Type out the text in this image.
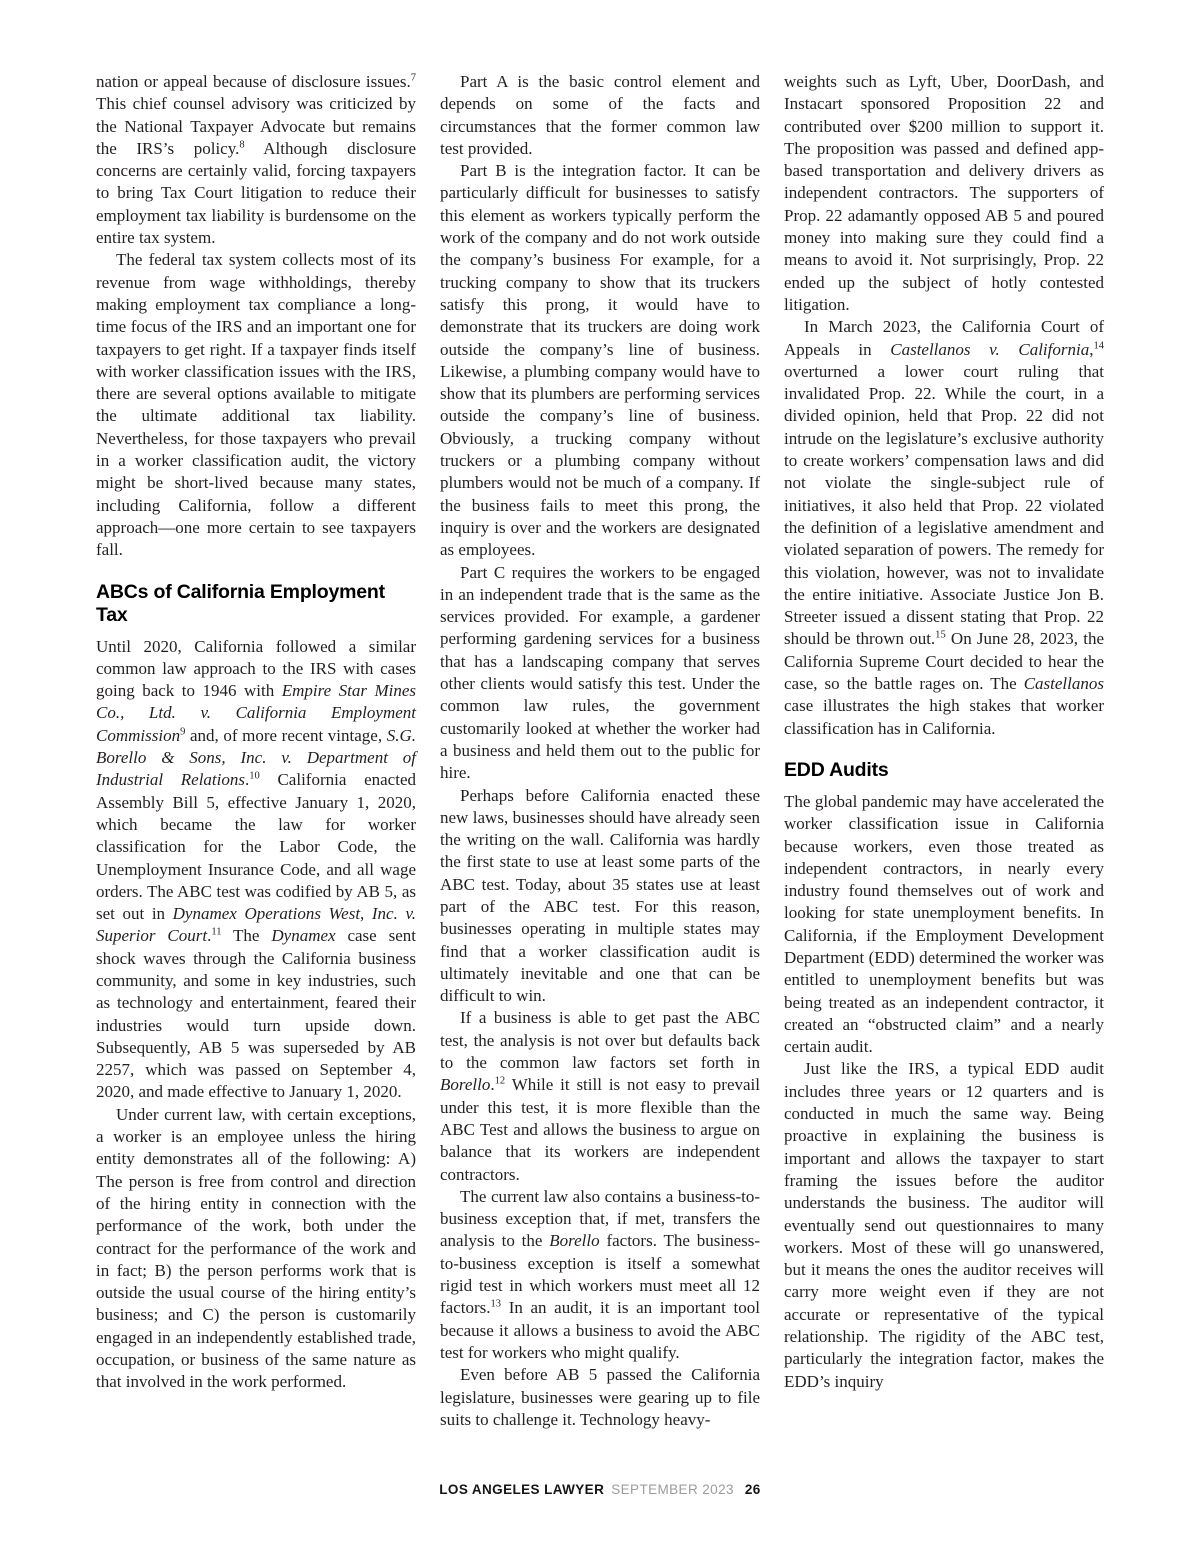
nation or appeal because of disclosure issues.$^7$ This chief counsel advisory was criticized by the National Taxpayer Advocate but remains the IRS’s policy.$^8$ Although disclosure concerns are certainly valid, forcing taxpayers to bring Tax Court litigation to reduce their employment tax liability is burdensome on the entire tax system.

The federal tax system collects most of its revenue from wage withholdings, thereby making employment tax compliance a long-time focus of the IRS and an important one for taxpayers to get right. If a taxpayer finds itself with worker classification issues with the IRS, there are several options available to mitigate the ultimate additional tax liability. Nevertheless, for those taxpayers who prevail in a worker classification audit, the victory might be short-lived because many states, including California, follow a different approach—one more certain to see taxpayers fall.

ABCs of California Employment Tax

Until 2020, California followed a similar common law approach to the IRS with cases going back to 1946 with Empire Star Mines Co., Ltd. v. California Employment Commission$^9$ and, of more recent vintage, S.G. Borello & Sons, Inc. v. Department of Industrial Relations.$^{10}$ California enacted Assembly Bill 5, effective January 1, 2020, which became the law for worker classification for the Labor Code, the Unemployment Insurance Code, and all wage orders. The ABC test was codified by AB 5, as set out in Dynamex Operations West, Inc. v. Superior Court.$^{11}$ The Dynamex case sent shock waves through the California business community, and some in key industries, such as technology and entertainment, feared their industries would turn upside down. Subsequently, AB 5 was superseded by AB 2257, which was passed on September 4, 2020, and made effective to January 1, 2020.

Under current law, with certain exceptions, a worker is an employee unless the hiring entity demonstrates all of the following: A) The person is free from control and direction of the hiring entity in connection with the performance of the work, both under the contract for the performance of the work and in fact; B) the person performs work that is outside the usual course of the hiring entity’s business; and C) the person is customarily engaged in an independently established trade, occupation, or business of the same nature as that involved in the work performed.

Part A is the basic control element and depends on some of the facts and circumstances that the former common law test provided.

Part B is the integration factor. It can be particularly difficult for businesses to satisfy this element as workers typically perform the work of the company and do not work outside the company’s business For example, for a trucking company to show that its truckers satisfy this prong, it would have to demonstrate that its truckers are doing work outside the company’s line of business. Likewise, a plumbing company would have to show that its plumbers are performing services outside the company’s line of business. Obviously, a trucking company without truckers or a plumbing company without plumbers would not be much of a company. If the business fails to meet this prong, the inquiry is over and the workers are designated as employees.

Part C requires the workers to be engaged in an independent trade that is the same as the services provided. For example, a gardener performing gardening services for a business that has a landscaping company that serves other clients would satisfy this test. Under the common law rules, the government customarily looked at whether the worker had a business and held them out to the public for hire.

Perhaps before California enacted these new laws, businesses should have already seen the writing on the wall. California was hardly the first state to use at least some parts of the ABC test. Today, about 35 states use at least part of the ABC test. For this reason, businesses operating in multiple states may find that a worker classification audit is ultimately inevitable and one that can be difficult to win.

If a business is able to get past the ABC test, the analysis is not over but defaults back to the common law factors set forth in Borello.$^{12}$ While it still is not easy to prevail under this test, it is more flexible than the ABC Test and allows the business to argue on balance that its workers are independent contractors.

The current law also contains a business-to-business exception that, if met, transfers the analysis to the Borello factors. The business-to-business exception is itself a somewhat rigid test in which workers must meet all 12 factors.$^{13}$ In an audit, it is an important tool because it allows a business to avoid the ABC test for workers who might qualify.

Even before AB 5 passed the California legislature, businesses were gearing up to file suits to challenge it. Technology heavy-

weights such as Lyft, Uber, DoorDash, and Instacart sponsored Proposition 22 and contributed over $200 million to support it. The proposition was passed and defined app-based transportation and delivery drivers as independent contractors. The supporters of Prop. 22 adamantly opposed AB 5 and poured money into making sure they could find a means to avoid it. Not surprisingly, Prop. 22 ended up the subject of hotly contested litigation.

In March 2023, the California Court of Appeals in Castellanos v. California,$^{14}$ overturned a lower court ruling that invalidated Prop. 22. While the court, in a divided opinion, held that Prop. 22 did not intrude on the legislature’s exclusive authority to create workers’ compensation laws and did not violate the single-subject rule of initiatives, it also held that Prop. 22 violated the definition of a legislative amendment and violated separation of powers. The remedy for this violation, however, was not to invalidate the entire initiative. Associate Justice Jon B. Streeter issued a dissent stating that Prop. 22 should be thrown out.$^{15}$ On June 28, 2023, the California Supreme Court decided to hear the case, so the battle rages on. The Castellanos case illustrates the high stakes that worker classification has in California.

EDD Audits

The global pandemic may have accelerated the worker classification issue in California because workers, even those treated as independent contractors, in nearly every industry found themselves out of work and looking for state unemployment benefits. In California, if the Employment Development Department (EDD) determined the worker was entitled to unemployment benefits but was being treated as an independent contractor, it created an “obstructed claim” and a nearly certain audit.

Just like the IRS, a typical EDD audit includes three years or 12 quarters and is conducted in much the same way. Being proactive in explaining the business is important and allows the taxpayer to start framing the issues before the auditor understands the business. The auditor will eventually send out questionnaires to many workers. Most of these will go unanswered, but it means the ones the auditor receives will carry more weight even if they are not accurate or representative of the typical relationship. The rigidity of the ABC test, particularly the integration factor, makes the EDD’s inquiry

LOS ANGELES LAWYER SEPTEMBER 2023 26
